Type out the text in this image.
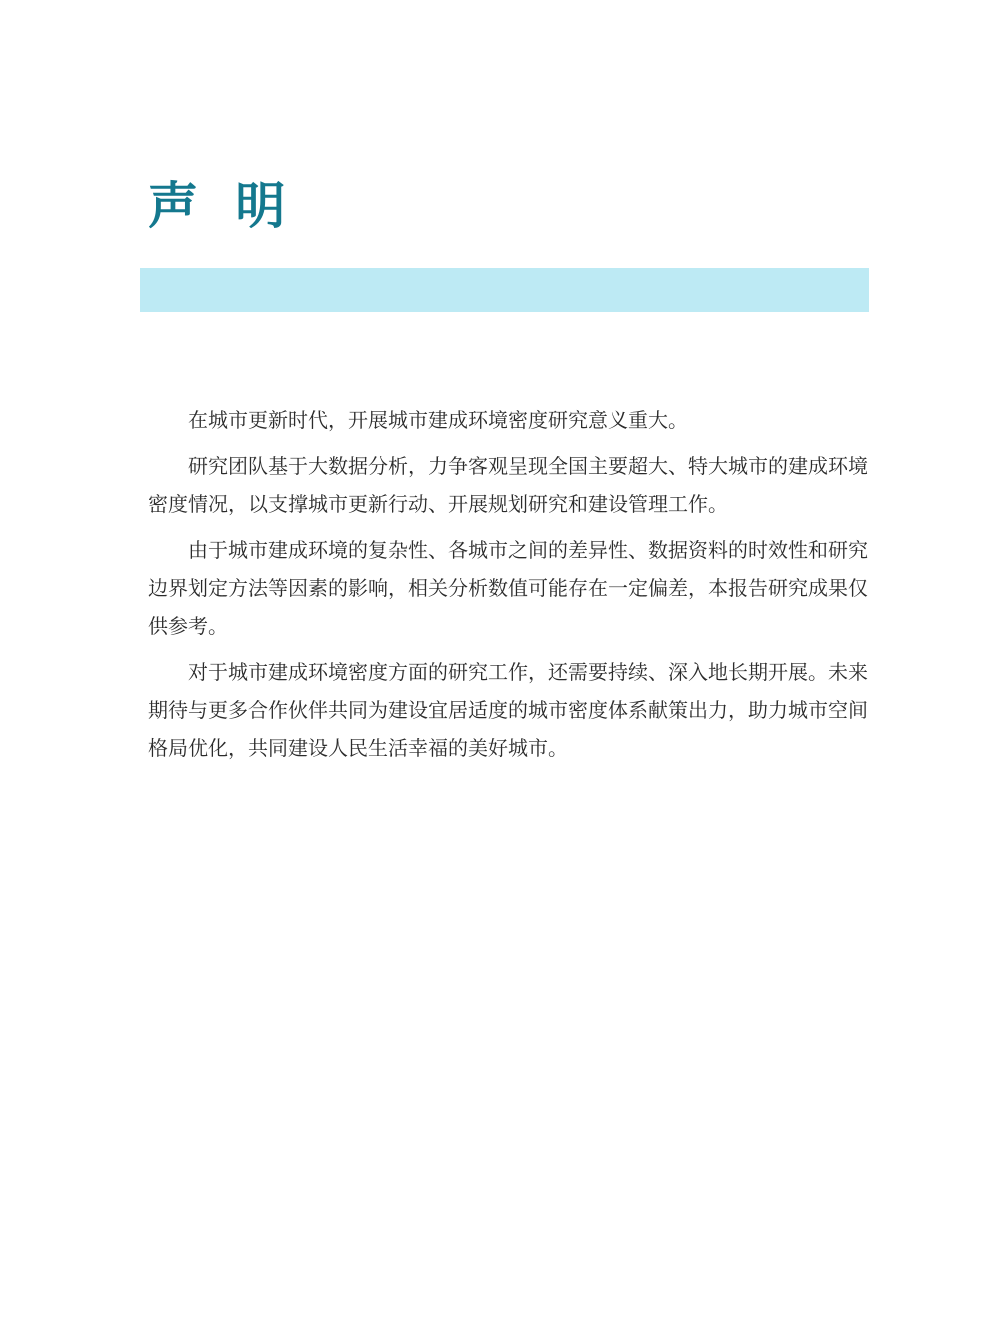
声 明

在城市更新时代，开展城市建成环境密度研究意义重大。

研究团队基于大数据分析，力争客观呈现全国主要超大、特大城市的建成环境密度情况，以支撑城市更新行动、开展规划研究和建设管理工作。

由于城市建成环境的复杂性、各城市之间的差异性、数据资料的时效性和研究边界划定方法等因素的影响，相关分析数值可能存在一定偏差，本报告研究成果仅供参考。

对于城市建成环境密度方面的研究工作，还需要持续、深入地长期开展。未来期待与更多合作伙伴共同为建设宜居适度的城市密度体系献策出力，助力城市空间格局优化，共同建设人民生活幸福的美好城市。
